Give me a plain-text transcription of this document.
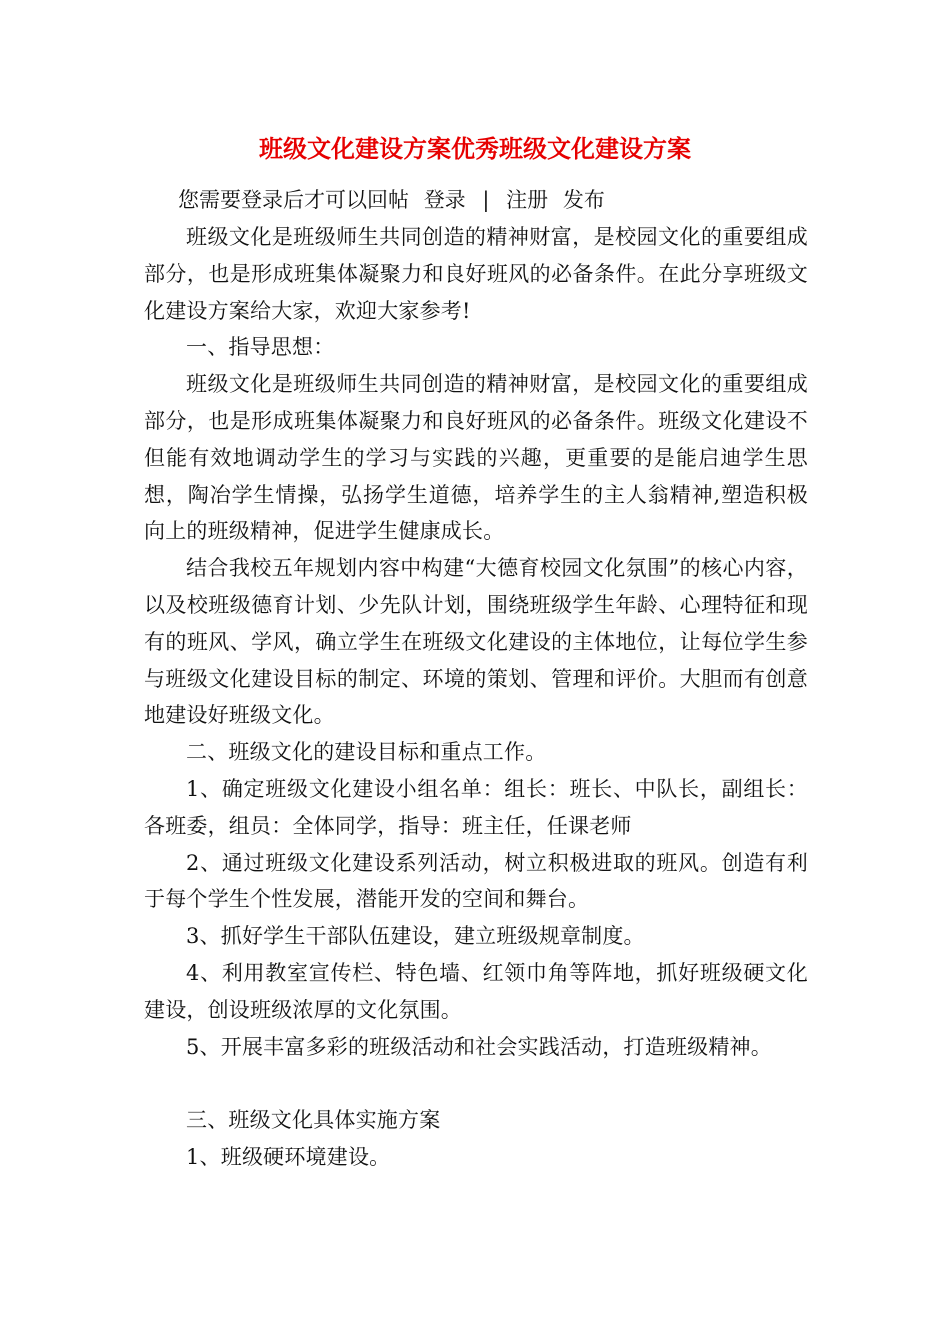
班级文化建设方案优秀班级文化建设方案
您需要登录后才可以回帖 登录 | 注册 发布

班级文化是班级师生共同创造的精神财富，是校园文化的重要组成部分，也是形成班集体凝聚力和良好班风的必备条件。在此分享班级文化建设方案给大家，欢迎大家参考!

一、指导思想：

班级文化是班级师生共同创造的精神财富，是校园文化的重要组成部分，也是形成班集体凝聚力和良好班风的必备条件。班级文化建设不但能有效地调动学生的学习与实践的兴趣，更重要的是能启迪学生思想，陶冶学生情操，弘扬学生道德，培养学生的主人翁精神,塑造积极向上的班级精神，促进学生健康成长。

结合我校五年规划内容中构建“大德育校园文化氛围”的核心内容，以及校班级德育计划、少先队计划，围绕班级学生年龄、心理特征和现有的班风、学风，确立学生在班级文化建设的主体地位，让每位学生参与班级文化建设目标的制定、环境的策划、管理和评价。大胆而有创意地建设好班级文化。

二、班级文化的建设目标和重点工作。

1、确定班级文化建设小组名单：组长：班长、中队长，副组长：各班委，组员：全体同学，指导：班主任，任课老师

2、通过班级文化建设系列活动，树立积极进取的班风。创造有利于每个学生个性发展，潜能开发的空间和舞台。

3、抓好学生干部队伍建设，建立班级规章制度。

4、利用教室宣传栏、特色墙、红领巾角等阵地，抓好班级硬文化建设，创设班级浓厚的文化氛围。

5、开展丰富多彩的班级活动和社会实践活动，打造班级精神。

三、班级文化具体实施方案

1、班级硬环境建设。
